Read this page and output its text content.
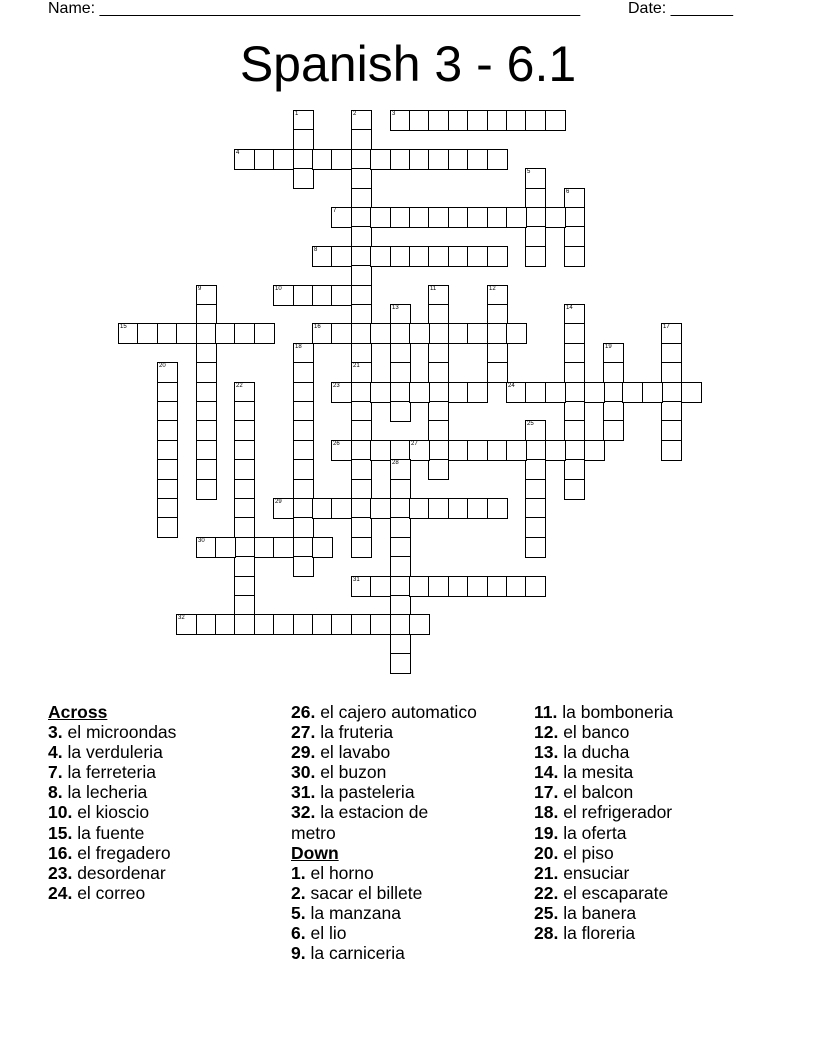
Name: ______________________________________________________	Date: _______
Spanish 3 - 6.1
1	2
21
3
4
5
6
7
8
9	10	11	12
13	14
15	16	17
18	19
20
22	23	24
25
26	27
28
29
30
31
32
Across
3. el microondas
4. la verduleria
7. la ferreteria
8. la lecheria
10. el kioscio
15. la fuente
16. el fregadero
23. desordenar
24. el correo
26. el cajero automatico
27. la fruteria
29. el lavabo
30. el buzon
31. la pasteleria
32. la estacion de metro
Down
1. el horno
2. sacar el billete
5. la manzana
6. el lio
9. la carniceria
11. la bomboneria
12. el banco
13. la ducha
14. la mesita
17. el balcon
18. el refrigerador
19. la oferta
20. el piso
21. ensuciar
22. el escaparate
25. la banera
28. la floreria
